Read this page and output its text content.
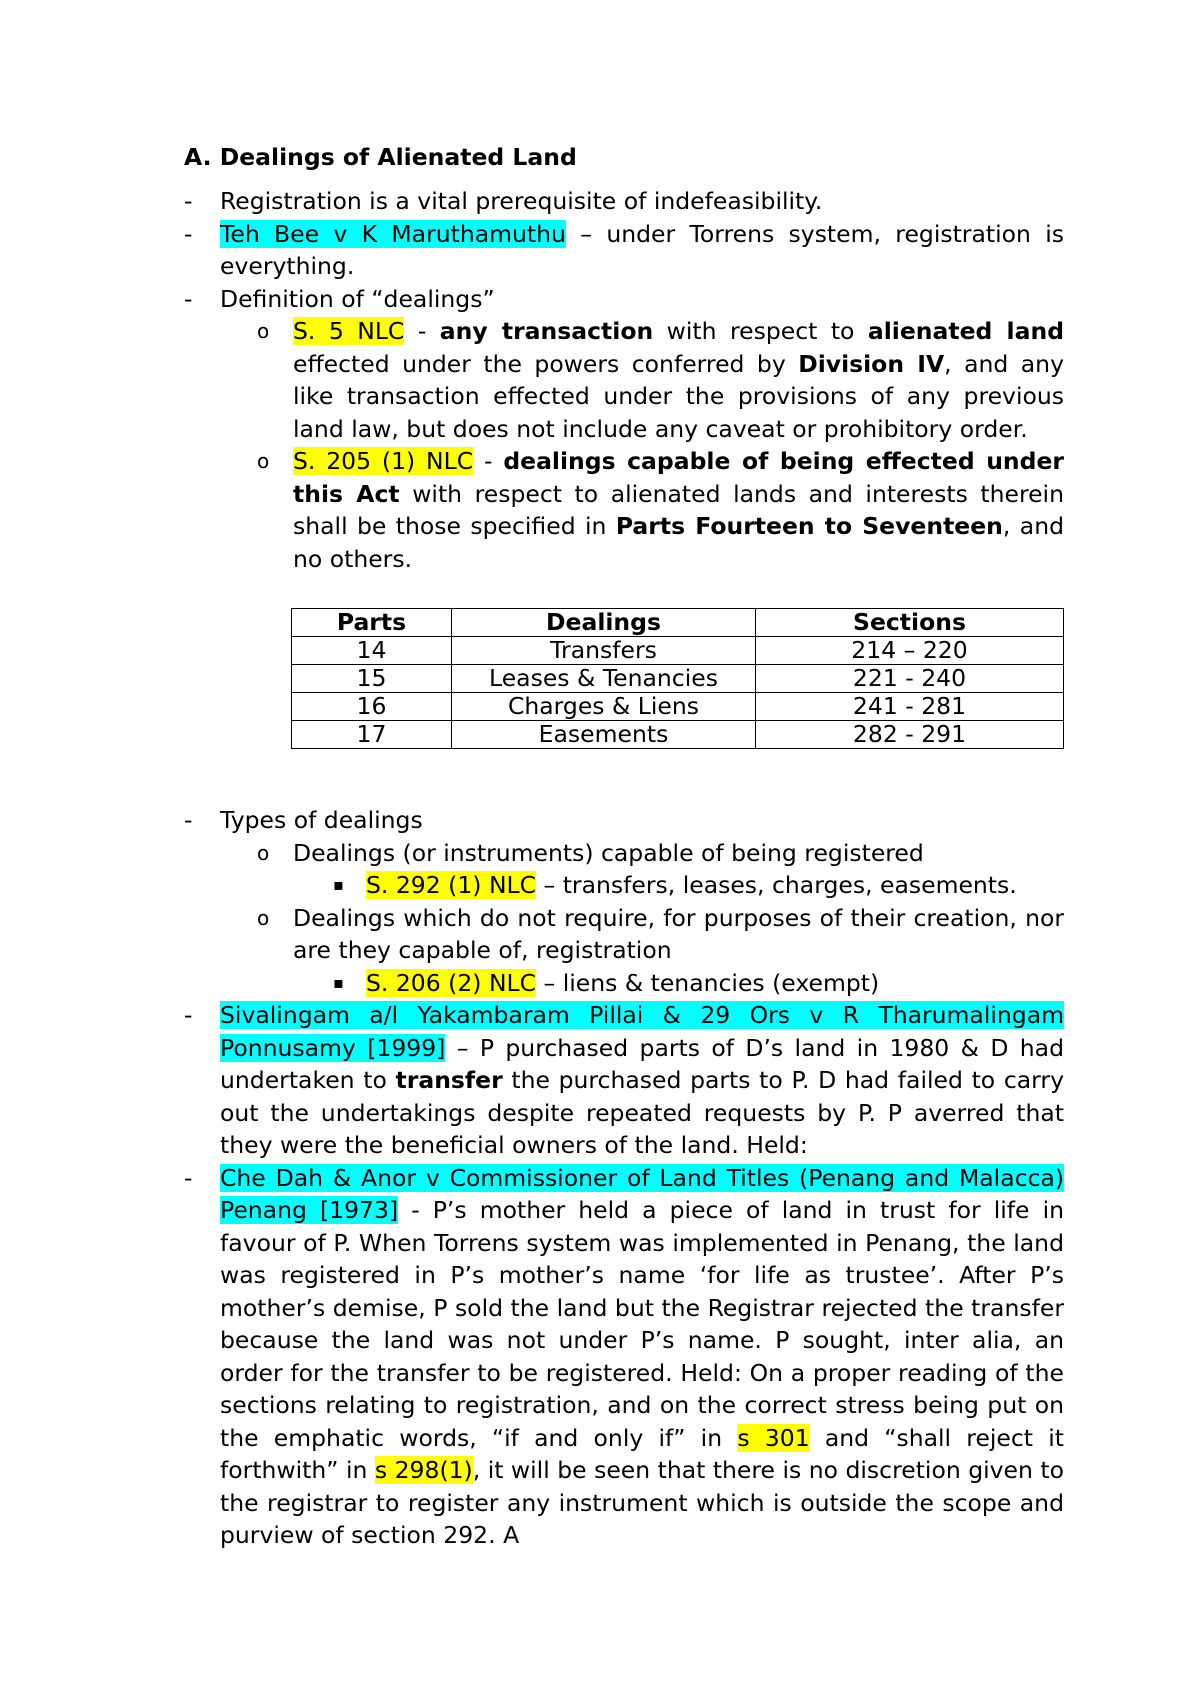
A. Dealings of Alienated Land
- Registration is a vital prerequisite of indefeasibility.
- Teh Bee v K Maruthamuthu – under Torrens system, registration is everything.
- Definition of “dealings”
o S. 5 NLC - any transaction with respect to alienated land effected under the powers conferred by Division IV, and any like transaction effected under the provisions of any previous land law, but does not include any caveat or prohibitory order.
o S. 205 (1) NLC - dealings capable of being effected under this Act with respect to alienated lands and interests therein shall be those specified in Parts Fourteen to Seventeen, and no others.
Parts	Dealings	Sections
14	Transfers	214 – 220
15	Leases & Tenancies	221 - 240
16	Charges & Liens	241 - 281
17	Easements	282 - 291
- Types of dealings
o Dealings (or instruments) capable of being registered
▪ S. 292 (1) NLC – transfers, leases, charges, easements.
o Dealings which do not require, for purposes of their creation, nor are they capable of, registration
▪ S. 206 (2) NLC – liens & tenancies (exempt)
- Sivalingam a/l Yakambaram Pillai & 29 Ors v R Tharumalingam Ponnusamy [1999] – P purchased parts of D’s land in 1980 & D had undertaken to transfer the purchased parts to P. D had failed to carry out the undertakings despite repeated requests by P. P averred that they were the beneficial owners of the land. Held:
- Che Dah & Anor v Commissioner of Land Titles (Penang and Malacca) Penang [1973] - P’s mother held a piece of land in trust for life in favour of P. When Torrens system was implemented in Penang, the land was registered in P’s mother’s name ‘for life as trustee’. After P’s mother’s demise, P sold the land but the Registrar rejected the transfer because the land was not under P’s name. P sought, inter alia, an order for the transfer to be registered. Held: On a proper reading of the sections relating to registration, and on the correct stress being put on the emphatic words, “if and only if” in s 301 and “shall reject it forthwith” in s 298(1), it will be seen that there is no discretion given to the registrar to register any instrument which is outside the scope and purview of section 292. A
